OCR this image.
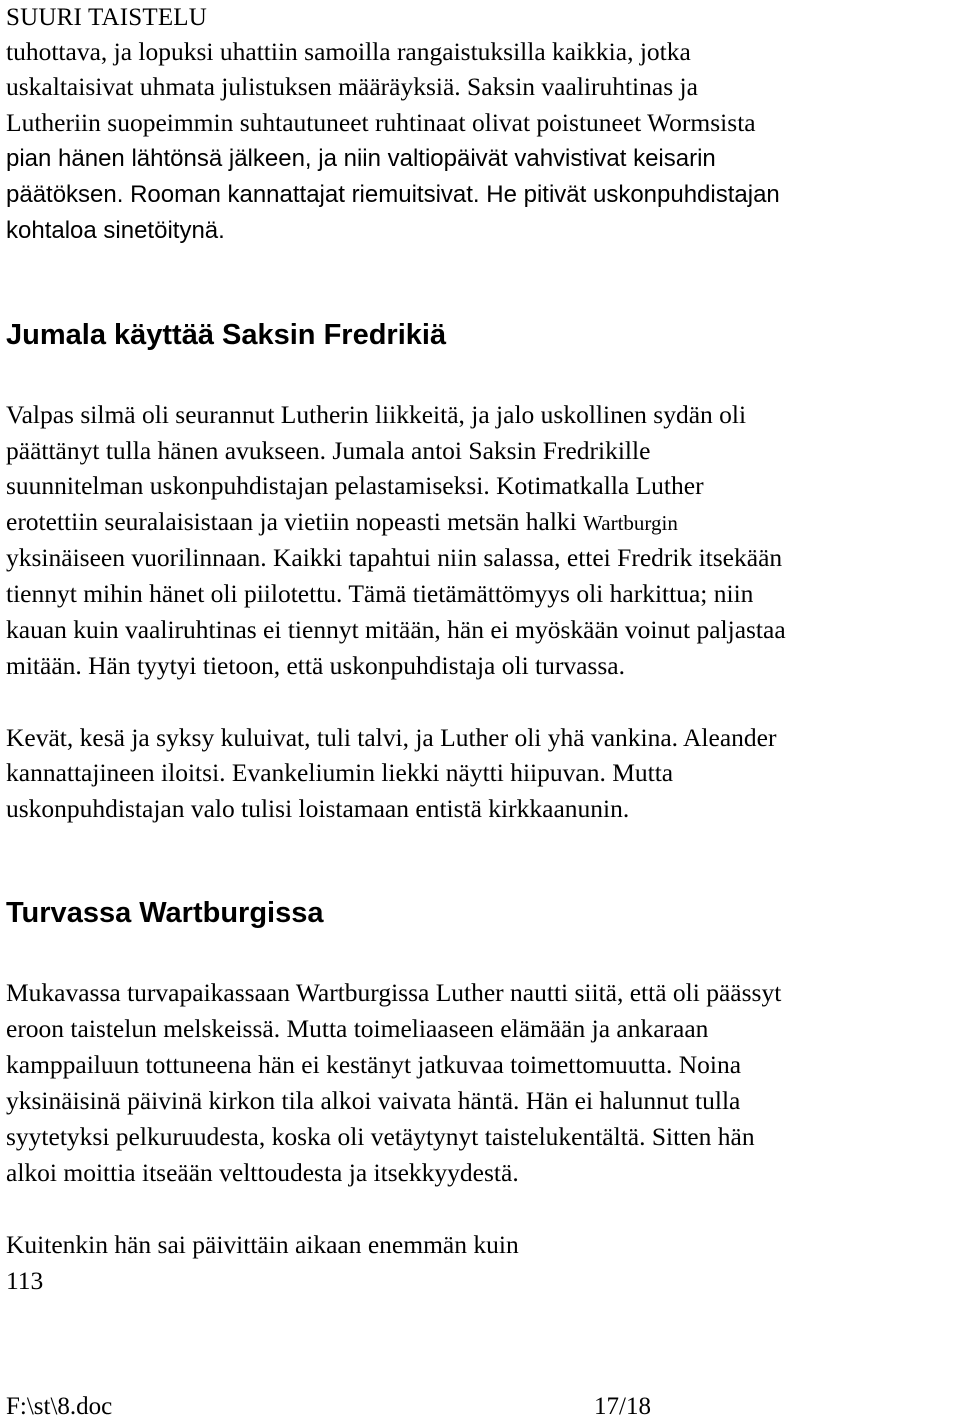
SUURI TAISTELU
tuhottava, ja lopuksi uhattiin samoilla rangaistuksilla kaikkia, jotka
uskaltaisivat uhmata julistuksen määräyksiä. Saksin vaaliruhtinas ja
Lutheriin suopeimmin suhtautuneet ruhtinaat olivat poistuneet Wormsista
pian hänen lähtönsä jälkeen, ja niin valtiopäivät vahvistivat keisarin
päätöksen. Rooman kannattajat riemuitsivat. He pitivät uskonpuhdistajan
kohtaloa sinetöitynä.
Jumala käyttää Saksin Fredrikiä
Valpas silmä oli seurannut Lutherin liikkeitä, ja jalo uskollinen sydän oli
päättänyt tulla hänen avukseen. Jumala antoi Saksin Fredrikille
suunnitelman uskonpuhdistajan pelastamiseksi. Kotimatkalla Luther
erotettiin seuralaisistaan ja vietiin nopeasti metsän halki Wartburgin
yksinäiseen vuorilinnaan. Kaikki tapahtui niin salassa, ettei Fredrik itsekään
tiennyt mihin hänet oli piilotettu. Tämä tietämättömyys oli harkittua; niin
kauan kuin vaaliruhtinas ei tiennyt mitään, hän ei myöskään voinut paljastaa
mitään. Hän tyytyi tietoon, että uskonpuhdistaja oli turvassa.
Kevät, kesä ja syksy kuluivat, tuli talvi, ja Luther oli yhä vankina. Aleander
kannattajineen iloitsi. Evankeliumin liekki näytti hiipuvan. Mutta
uskonpuhdistajan valo tulisi loistamaan entistä kirkkaanunin.
Turvassa Wartburgissa
Mukavassa turvapaikassaan Wartburgissa Luther nautti siitä, että oli päässyt
eroon taistelun melskeissä. Mutta toimeliaaseen elämään ja ankaraan
kamppailuun tottuneena hän ei kestänyt jatkuvaa toimettomuutta. Noina
yksinäisinä päivinä kirkon tila alkoi vaivata häntä. Hän ei halunnut tulla
syytetyksi pelkuruudesta, koska oli vetäytynyt taistelukentältä. Sitten hän
alkoi moittia itseään velttoudesta ja itsekkyydestä.
Kuitenkin hän sai päivittäin aikaan enemmän kuin
113
F:\st\8.doc	17/18
